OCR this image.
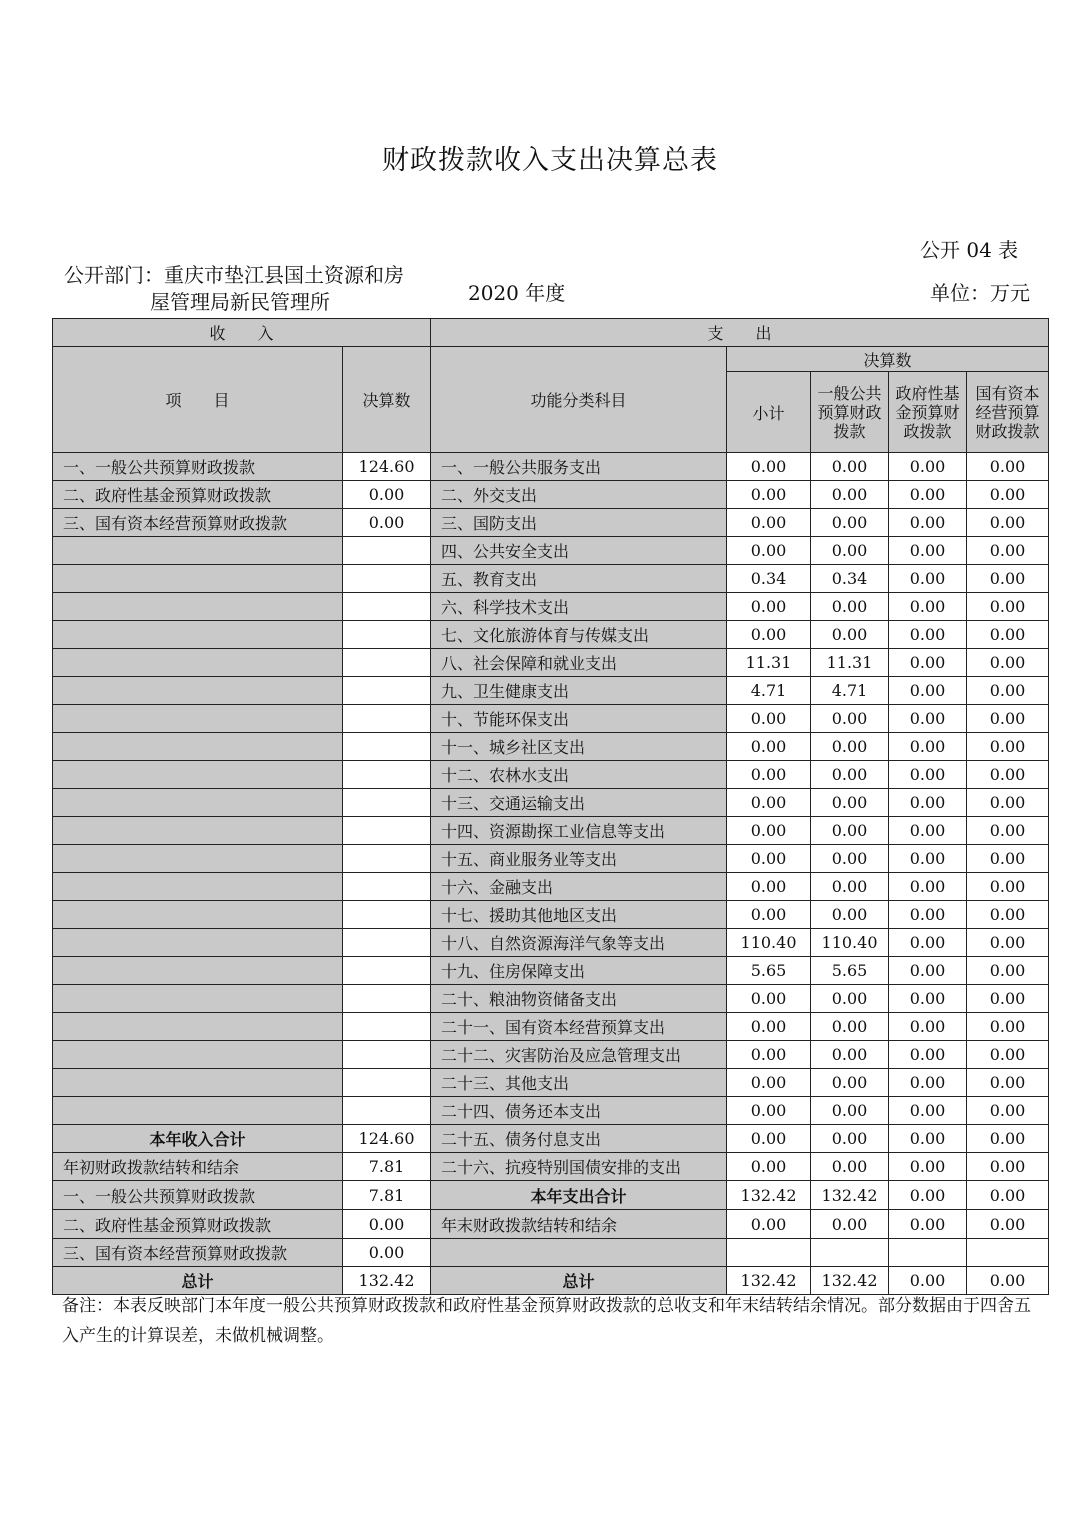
财政拨款收入支出决算总表
公开 04 表
公开部门：重庆市垫江县国土资源和房
屋管理局新民管理所	2020 年度	单位：万元
收　　入		支　　出				
项　　目	决算数	功能分类科目	决算数			
			小计	一般公共预算财政拨款	政府性基金预算财政拨款	国有资本经营预算财政拨款
一、一般公共预算财政拨款	124.60	一、一般公共服务支出	0.00	0.00	0.00	0.00
二、政府性基金预算财政拨款	0.00	二、外交支出	0.00	0.00	0.00	0.00
三、国有资本经营预算财政拨款	0.00	三、国防支出	0.00	0.00	0.00	0.00
		四、公共安全支出	0.00	0.00	0.00	0.00
		五、教育支出	0.34	0.34	0.00	0.00
		六、科学技术支出	0.00	0.00	0.00	0.00
		七、文化旅游体育与传媒支出	0.00	0.00	0.00	0.00
		八、社会保障和就业支出	11.31	11.31	0.00	0.00
		九、卫生健康支出	4.71	4.71	0.00	0.00
		十、节能环保支出	0.00	0.00	0.00	0.00
		十一、城乡社区支出	0.00	0.00	0.00	0.00
		十二、农林水支出	0.00	0.00	0.00	0.00
		十三、交通运输支出	0.00	0.00	0.00	0.00
		十四、资源勘探工业信息等支出	0.00	0.00	0.00	0.00
		十五、商业服务业等支出	0.00	0.00	0.00	0.00
		十六、金融支出	0.00	0.00	0.00	0.00
		十七、援助其他地区支出	0.00	0.00	0.00	0.00
		十八、自然资源海洋气象等支出	110.40	110.40	0.00	0.00
		十九、住房保障支出	5.65	5.65	0.00	0.00
		二十、粮油物资储备支出	0.00	0.00	0.00	0.00
		二十一、国有资本经营预算支出	0.00	0.00	0.00	0.00
		二十二、灾害防治及应急管理支出	0.00	0.00	0.00	0.00
		二十三、其他支出	0.00	0.00	0.00	0.00
		二十四、债务还本支出	0.00	0.00	0.00	0.00
本年收入合计	124.60	二十五、债务付息支出	0.00	0.00	0.00	0.00
年初财政拨款结转和结余	7.81	二十六、抗疫特别国债安排的支出	0.00	0.00	0.00	0.00
一、一般公共预算财政拨款	7.81	本年支出合计	132.42	132.42	0.00	0.00
二、政府性基金预算财政拨款	0.00	年末财政拨款结转和结余	0.00	0.00	0.00	0.00
三、国有资本经营预算财政拨款	0.00					
总计	132.42	总计	132.42	132.42	0.00	0.00
备注：本表反映部门本年度一般公共预算财政拨款和政府性基金预算财政拨款的总收支和年末结转结余情况。部分数据由于四舍五入产生的计算误差，未做机械调整。
